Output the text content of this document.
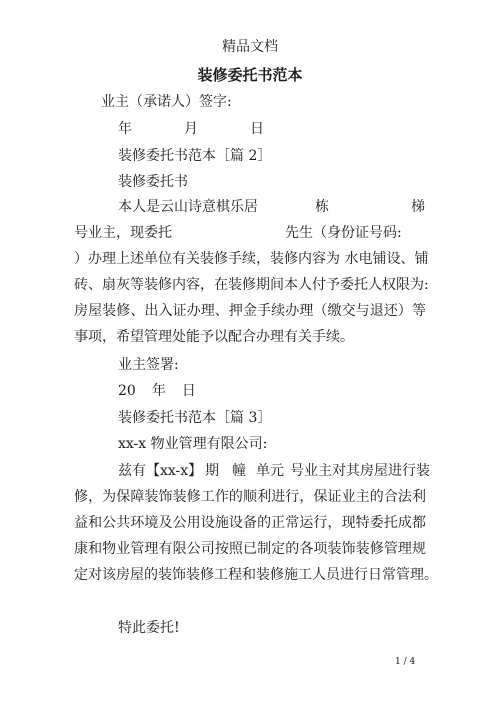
精品文档
装修委托书范本
业主（承诺人）签字:
年	月	日
装修委托书范本［篇 2］
装修委托书
本人是云山诗意棋乐居	栋	梯
号业主，现委托	先生（身份证号码:
）办理上述单位有关装修手续，装修内容为 水电铺设、铺
砖、扇灰等装修内容，在装修期间本人付予委托人权限为:
房屋装修、出入证办理、押金手续办理（缴交与退还）等
事项，希望管理处能予以配合办理有关手续。
业主签署:
20 年 日
装修委托书范本［篇 3］
xx-x 物业管理有限公司:
兹有【xx-x】 期 幢 单元 号业主对其房屋进行装
修，为保障装饰装修工作的顺利进行，保证业主的合法利
益和公共环境及公用设施设备的正常运行，现特委托成都
康和物业管理有限公司按照已制定的各项装饰装修管理规
定对该房屋的装饰装修工程和装修施工人员进行日常管理。
特此委托!
1 / 4
